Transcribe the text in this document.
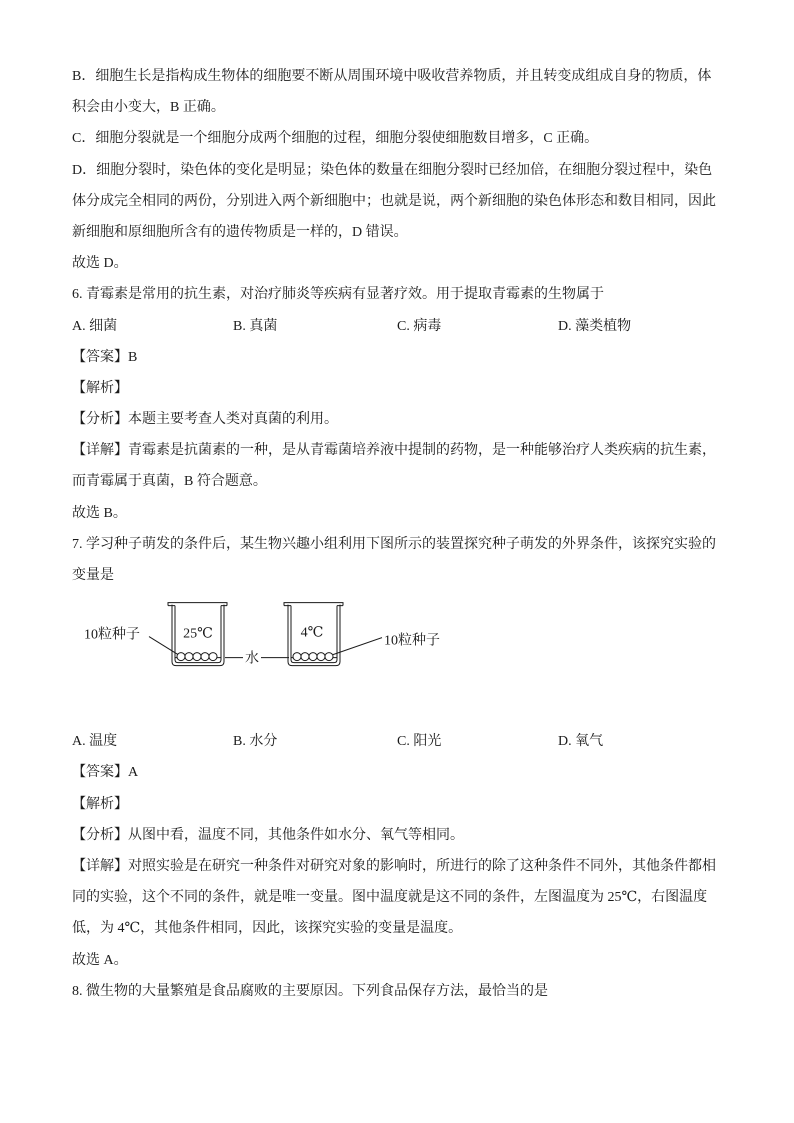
B．细胞生长是指构成生物体的细胞要不断从周围环境中吸收营养物质，并且转变成组成自身的物质，体
积会由小变大，B 正确。
C．细胞分裂就是一个细胞分成两个细胞的过程，细胞分裂使细胞数目增多，C 正确。
D．细胞分裂时，染色体的变化是明显；染色体的数量在细胞分裂时已经加倍，在细胞分裂过程中，染色
体分成完全相同的两份，分别进入两个新细胞中；也就是说，两个新细胞的染色体形态和数目相同，因此
新细胞和原细胞所含有的遗传物质是一样的，D 错误。
故选 D。
6. 青霉素是常用的抗生素，对治疗肺炎等疾病有显著疗效。用于提取青霉素的生物属于
A. 细菌	B. 真菌	C. 病毒	D. 藻类植物
【答案】B
【解析】
【分析】本题主要考查人类对真菌的利用。
【详解】青霉素是抗菌素的一种，是从青霉菌培养液中提制的药物，是一种能够治疗人类疾病的抗生素，
而青霉属于真菌，B 符合题意。
故选 B。
7. 学习种子萌发的条件后，某生物兴趣小组利用下图所示的装置探究种子萌发的外界条件，该探究实验的
变量是
25℃	4℃
10粒种子	10粒种子
水
A. 温度	B. 水分	C. 阳光	D. 氧气
【答案】A
【解析】
【分析】从图中看，温度不同，其他条件如水分、氧气等相同。
【详解】对照实验是在研究一种条件对研究对象的影响时，所进行的除了这种条件不同外，其他条件都相
同的实验，这个不同的条件，就是唯一变量。图中温度就是这不同的条件，左图温度为 25℃，右图温度
低，为 4℃，其他条件相同，因此，该探究实验的变量是温度。
故选 A。
8. 微生物的大量繁殖是食品腐败的主要原因。下列食品保存方法，最恰当的是
